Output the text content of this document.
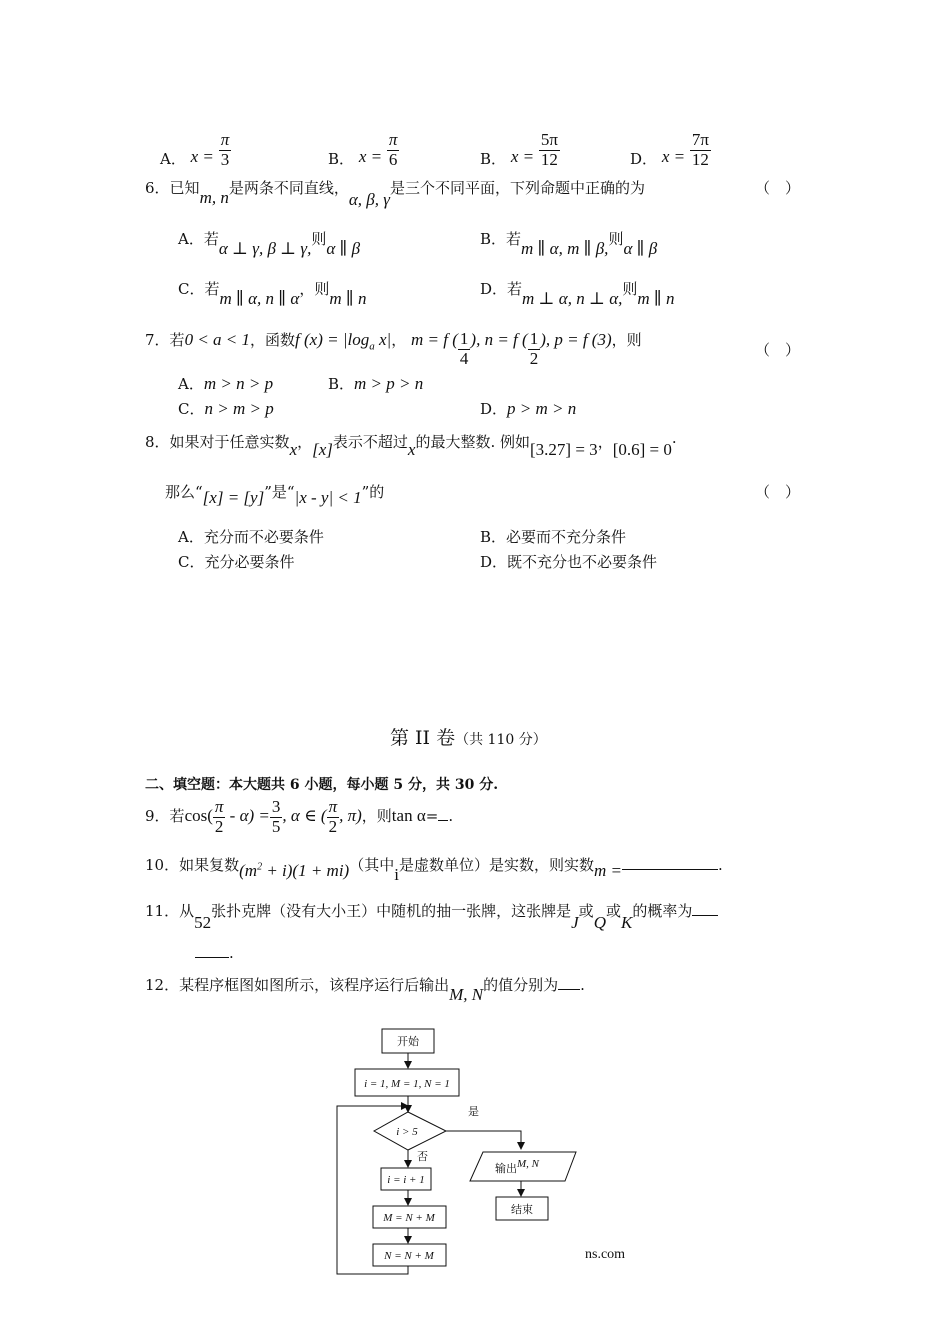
A． $x = \frac{\pi}{3}$	B． $x = \frac{\pi}{6}$	B． $x = \frac{5\pi}{12}$	D． $x = \frac{7\pi}{12}$
6．已知m, n是两条不同直线，α, β, γ是三个不同平面，下列命题中正确的为	（　）
A．若α ⊥ γ, β ⊥ γ,则α ∥ β	B．若m ∥ α, m ∥ β,则α ∥ β
C．若m ∥ α, n ∥ α，则m ∥ n	D．若m ⊥ α, n ⊥ α,则m ∥ n
7．若0 < a < 1，函数f $(x) = |\log_a$ x|， m = f ( $\frac{1}{4}$ ), n = f ( $\frac{1}{2}$ ), p = f (3)，则
（　）
A．m > n > p	B．m > p > n
C．n > m > p	D．p > m > n
8．如果对于任意实数x，[x]表示不超过x的最大整数. 例如[3.27] = 3，[0.6] = 0·
那么“[x] = [y]”是“|x - y| < 1”的	（　）
A．充分而不必要条件	B．必要而不充分条件
C．充分必要条件	D．既不充分也不必要条件
第 II 卷（共 110 分）
二、填空题：本大题共 6 小题，每小题 5 分，共 30 分.
9．若$\cos( \frac{\pi}{2} - \alpha) = \frac{3}{5}$ , α ∈ ( $\frac{\pi}{2}$ , π)，则tan α= .
10．如果复数$(m^2 + i)(1 + mi)$（其中i是虚数单位）是实数，则实数m =	.
11．从52张扑克牌（没有大小王）中随机的抽一张牌，这张牌是J或Q或K的概率为
.
12．某程序框图如图所示，该程序运行后输出M, N的值分别为 .
开始
i = 1, M = 1, N = 1
i > 5
是
否
i = i + 1
M = N + M
N = N + M
输出 M, N
结束
ns.com
